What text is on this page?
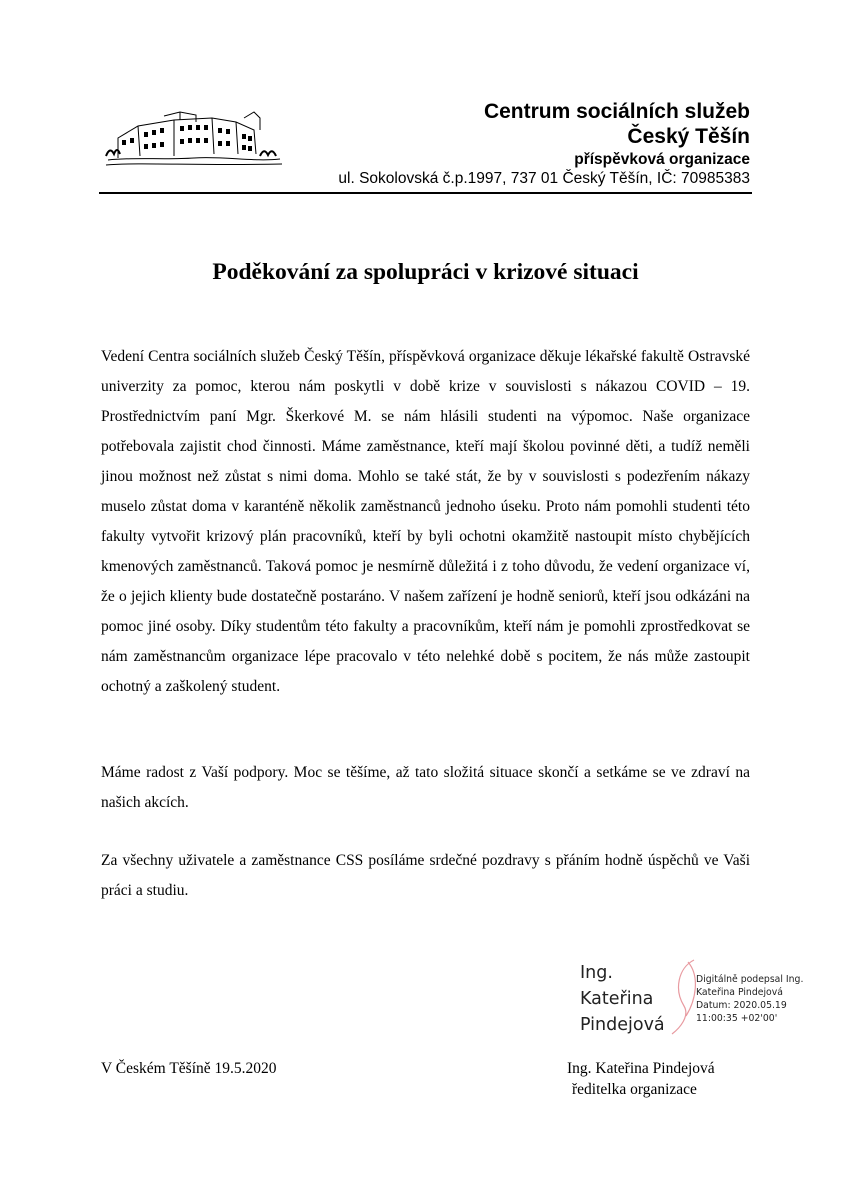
Centrum sociálních služeb
Český Těšín
příspěvková organizace
ul. Sokolovská č.p.1997, 737 01 Český Těšín, IČ: 70985383
Poděkování za spolupráci v krizové situaci
Vedení Centra sociálních služeb Český Těšín, příspěvková organizace děkuje lékařské fakultě Ostravské univerzity za pomoc, kterou nám poskytli v době krize v souvislosti s nákazou COVID – 19. Prostřednictvím paní Mgr. Škerkové M. se nám hlásili studenti na výpomoc. Naše organizace potřebovala zajistit chod činnosti. Máme zaměstnance, kteří mají školou povinné děti, a tudíž neměli jinou možnost než zůstat s nimi doma. Mohlo se také stát, že by v souvislosti s podezřením nákazy muselo zůstat doma v karanténě několik zaměstnanců jednoho úseku. Proto nám pomohli studenti této fakulty vytvořit krizový plán pracovníků, kteří by byli ochotni okamžitě nastoupit místo chybějících kmenových zaměstnanců. Taková pomoc je nesmírně důležitá i z toho důvodu, že vedení organizace ví, že o jejich klienty bude dostatečně postaráno. V našem zařízení je hodně seniorů, kteří jsou odkázáni na pomoc jiné osoby. Díky studentům této fakulty a pracovníkům, kteří nám je pomohli zprostředkovat se nám zaměstnancům organizace lépe pracovalo v této nelehké době s pocitem, že nás může zastoupit ochotný a zaškolený student.
Máme radost z Vaší podpory. Moc se těšíme, až tato složitá situace skončí a setkáme se ve zdraví na našich akcích.
Za všechny uživatele a zaměstnance CSS posíláme srdečné pozdravy s přáním hodně úspěchů ve Vaši práci a studiu.
Ing.
Kateřina
Pindejová
Digitálně podepsal Ing.
Kateřina Pindejová
Datum: 2020.05.19
11:00:35 +02'00'
V Českém Těšíně 19.5.2020	Ing. Kateřina Pindejová
ředitelka organizace
